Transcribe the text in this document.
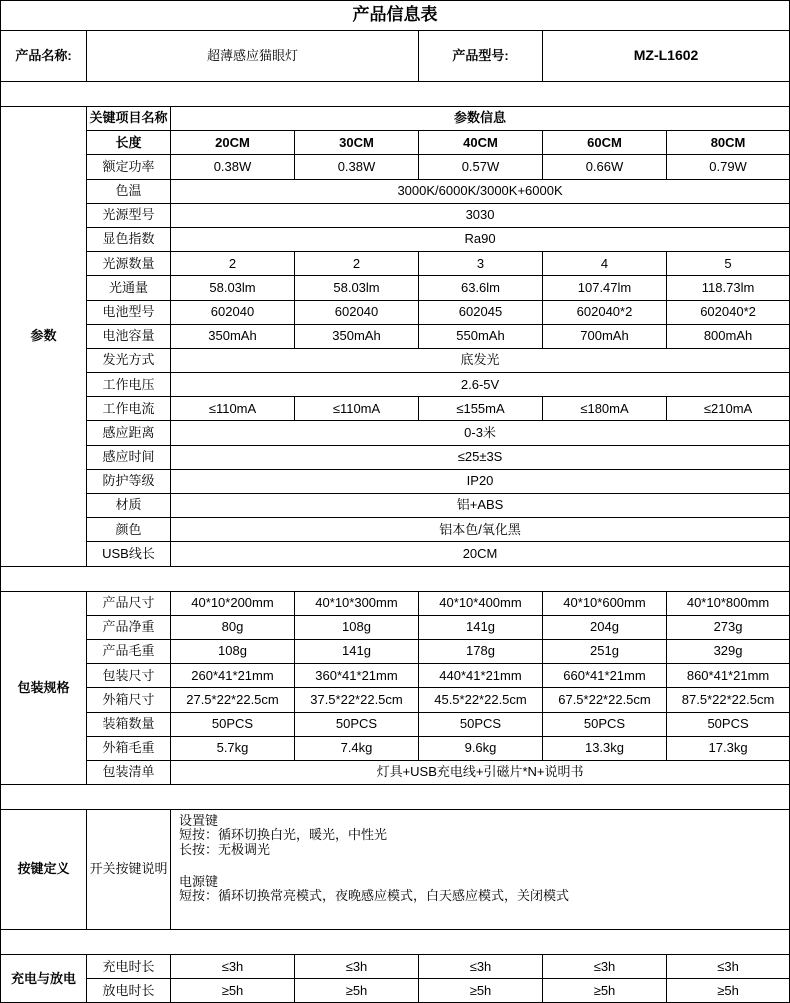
产品信息表						
产品名称:	超薄感应猫眼灯			产品型号:	MZ-L1602	

参数	关键项目名称	参数信息				
	长度	20CM	30CM	40CM	60CM	80CM
	额定功率	0.38W	0.38W	0.57W	0.66W	0.79W
	色温	3000K/6000K/3000K+6000K				
	光源型号	3030				
	显色指数	Ra90				
	光源数量	2	2	3	4	5
	光通量	58.03lm	58.03lm	63.6lm	107.47lm	118.73lm
	电池型号	602040	602040	602045	602040*2	602040*2
	电池容量	350mAh	350mAh	550mAh	700mAh	800mAh
	发光方式	底发光				
	工作电压	2.6-5V				
	工作电流	≤110mA	≤110mA	≤155mA	≤180mA	≤210mA
	感应距离	0-3米				
	感应时间	≤25±3S				
	防护等级	IP20				
	材质	铝+ABS				
	颜色	铝本色/氧化黑				
	USB线长	20CM				

包装规格	产品尺寸	40*10*200mm	40*10*300mm	40*10*400mm	40*10*600mm	40*10*800mm
	产品净重	80g	108g	141g	204g	273g
	产品毛重	108g	141g	178g	251g	329g
	包装尺寸	260*41*21mm	360*41*21mm	440*41*21mm	660*41*21mm	860*41*21mm
	外箱尺寸	27.5*22*22.5cm	37.5*22*22.5cm	45.5*22*22.5cm	67.5*22*22.5cm	87.5*22*22.5cm
	装箱数量	50PCS	50PCS	50PCS	50PCS	50PCS
	外箱毛重	5.7kg	7.4kg	9.6kg	13.3kg	17.3kg
	包装清单	灯具+USB充电线+引磁片*N+说明书				

按键定义	开关按键说明	设置键
短按：循环切换白光，暖光，中性光
长按：无极调光
电源键
短按：循环切换常亮模式，夜晚感应模式，白天感应模式，关闭模式				

充电与放电	充电时长	≤3h	≤3h	≤3h	≤3h	≤3h
	放电时长	≥5h	≥5h	≥5h	≥5h	≥5h
